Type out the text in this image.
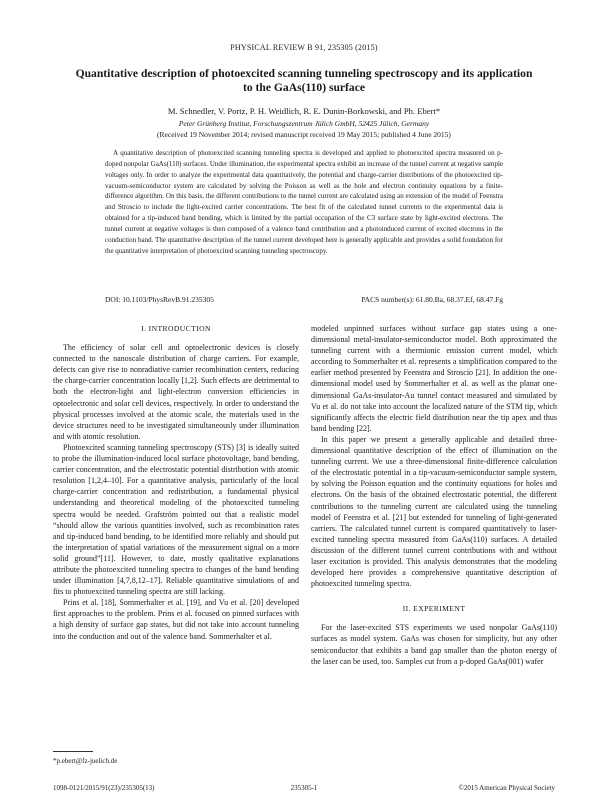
PHYSICAL REVIEW B 91, 235305 (2015)
Quantitative description of photoexcited scanning tunneling spectroscopy and its application to the GaAs(110) surface
M. Schnedler, V. Portz, P. H. Weidlich, R. E. Dunin-Borkowski, and Ph. Ebert*
Peter Grünberg Institut, Forschungszentrum Jülich GmbH, 52425 Jülich, Germany
(Received 19 November 2014; revised manuscript received 19 May 2015; published 4 June 2015)

A quantitative description of photoexcited scanning tunneling spectra is developed and applied to photoexcited spectra measured on p-doped nonpolar GaAs(110) surfaces. Under illumination, the experimental spectra exhibit an increase of the tunnel current at negative sample voltages only. In order to analyze the experimental data quantitatively, the potential and charge-carrier distributions of the photoexcited tip-vacuum-semiconductor system are calculated by solving the Poisson as well as the hole and electron continuity equations by a finite-difference algorithm. On this basis, the different contributions to the tunnel current are calculated using an extension of the model of Feenstra and Stroscio to include the light-excited carrier concentrations. The best fit of the calculated tunnel currents to the experimental data is obtained for a tip-induced band bending, which is limited by the partial occupation of the C3 surface state by light-excited electrons. The tunnel current at negative voltages is then composed of a valence band contribution and a photoinduced current of excited electrons in the conduction band. The quantitative description of the tunnel current developed here is generally applicable and provides a solid foundation for the quantitative interpretation of photoexcited scanning tunneling spectroscopy.

DOI: 10.1103/PhysRevB.91.235305	PACS number(s): 61.80.Ba, 68.37.Ef, 68.47.Fg
I. INTRODUCTION

The efficiency of solar cell and optoelectronic devices is closely connected to the nanoscale distribution of charge carriers. For example, defects can give rise to nonradiative carrier recombination centers, reducing the charge-carrier concentration locally [1,2]. Such effects are detrimental to both the electron-light and light-electron conversion efficiencies in optoelectronic and solar cell devices, respectively. In order to understand the physical processes involved at the atomic scale, the materials used in the device structures need to be investigated simultaneously under illumination and with atomic resolution.

Photoexcited scanning tunneling spectroscopy (STS) [3] is ideally suited to probe the illumination-induced local surface photovoltage, band bending, carrier concentration, and the electrostatic potential distribution with atomic resolution [1,2,4–10]. For a quantitative analysis, particularly of the local charge-carrier concentration and redistribution, a fundamental physical understanding and theoretical modeling of the photoexcited tunneling spectra would be needed. Grafström pointed out that a realistic model “should allow the various quantities involved, such as recombination rates and tip-induced band bending, to be identified more reliably and should put the interpretation of spatial variations of the measurement signal on a more solid ground”[11]. However, to date, mostly qualitative explanations attribute the photoexcited tunneling spectra to changes of the band bending under illumination [4,7,8,12–17]. Reliable quantitative simulations of and fits to photoexcited tunneling spectra are still lacking.

Prins et al. [18], Sommerhalter et al. [19], and Vu et al. [20] developed first approaches to the problem. Prins et al. focused on pinned surfaces with a high density of surface gap states, but did not take into account tunneling into the conduction and out of the valence band. Sommerhalter et al.

modeled unpinned surfaces without surface gap states using a one-dimensional metal-insulator-semiconductor model. Both approximated the tunneling current with a thermionic emission current model, which according to Sommerhalter et al. represents a simplification compared to the earlier method presented by Feenstra and Stroscio [21]. In addition the one-dimensional model used by Sommerhalter et al. as well as the planar one-dimensional GaAs-insulator-Au tunnel contact measured and simulated by Vu et al. do not take into account the localized nature of the STM tip, which significantly affects the electric field distribution near the tip apex and thus band bending [22].

In this paper we present a generally applicable and detailed three-dimensional quantitative description of the effect of illumination on the tunneling current. We use a three-dimensional finite-difference calculation of the electrostatic potential in a tip-vacuum-semiconductor sample system, by solving the Poisson equation and the continuity equations for holes and electrons. On the basis of the obtained electrostatic potential, the different contributions to the tunneling current are calculated using the tunneling model of Feenstra et al. [21] but extended for tunneling of light-generated carriers. The calculated tunnel current is compared quantitatively to laser-excited tunneling spectra measured from GaAs(110) surfaces. A detailed discussion of the different tunnel current contributions with and without laser excitation is provided. This analysis demonstrates that the modeling developed here provides a comprehensive quantitative description of photoexcited tunneling spectra.

II. EXPERIMENT

For the laser-excited STS experiments we used nonpolar GaAs(110) surfaces as model system. GaAs was chosen for simplicity, but any other semiconductor that exhibits a band gap smaller than the photon energy of the laser can be used, too. Samples cut from a p-doped GaAs(001) wafer

*p.ebert@fz-juelich.de
1098-0121/2015/91(23)/235305(13)	235305-1	©2015 American Physical Society
